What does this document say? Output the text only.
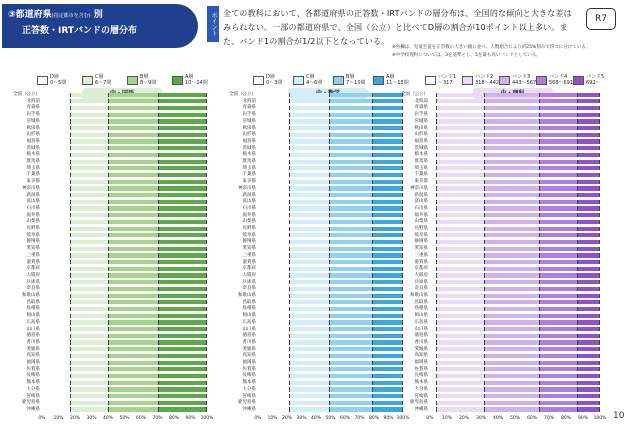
③都道府県(指定都市を含む) 別
正答数・IRTバンドの層分布	ポイント 全ての教科において、各都道府県の正答数・IRTバンドの層分布は、全国的な傾向と大きな差はみられない。一部の都道府県で、全国（公立）と比べてD層の割合が10ポイント以上多い。また、バンド1の割合が1/2以下となっている。
R7
※各欄は、児童生徒を正答数の大きい順に並べ、人数割合により約25%刻みで四つに分けている。
※中学校理科については、3を基準とし、5を最も高いバンドとしている。
D層
0～5問
C層
6～7問
B層
8～9問
A層
10～14問
全国（公立）
北海道
青森県
岩手県
宮城県
秋田県
山形県
福島県
茨城県
栃木県
群馬県
埼玉県
千葉県
東京都
神奈川県
新潟県
富山県
石川県
福井県
山梨県
長野県
岐阜県
静岡県
愛知県
三重県
滋賀県
京都府
大阪府
兵庫県
奈良県
和歌山県
鳥取県
島根県
岡山県
広島県
山口県
徳島県
香川県
愛媛県
高知県
福岡県
佐賀県
長崎県
熊本県
大分県
宮崎県
鹿児島県
沖縄県
0% 10% 20% 30% 40% 50% 60% 70% 80% 90% 100%
D層
0～3問
C層
4～6問
B層
7～10問
A層
11～15問
全国（公立）
北海道
青森県
岩手県
宮城県
秋田県
山形県
福島県
茨城県
栃木県
群馬県
埼玉県
千葉県
東京都
神奈川県
新潟県
富山県
石川県
福井県
山梨県
長野県
岐阜県
静岡県
愛知県
三重県
滋賀県
京都府
大阪府
兵庫県
奈良県
和歌山県
鳥取県
島根県
岡山県
広島県
山口県
徳島県
香川県
愛媛県
高知県
福岡県
佐賀県
長崎県
熊本県
大分県
宮崎県
鹿児島県
沖縄県
0% 10% 20% 30% 40% 50% 60% 70% 80% 90% 100%
バンド1
～317
バンド2
318～442
バンド3
443～567
バンド4
568～691
バンド5
692～
全国（公立）
北海道
青森県
岩手県
宮城県
秋田県
山形県
福島県
茨城県
栃木県
群馬県
埼玉県
千葉県
東京都
神奈川県
新潟県
富山県
石川県
福井県
山梨県
長野県
岐阜県
静岡県
愛知県
三重県
滋賀県
京都府
大阪府
兵庫県
奈良県
和歌山県
鳥取県
島根県
岡山県
広島県
山口県
徳島県
香川県
愛媛県
高知県
福岡県
佐賀県
長崎県
熊本県
大分県
宮崎県
鹿児島県
沖縄県
0% 10% 20% 30% 40% 50% 60% 70% 80% 90% 100% 10
